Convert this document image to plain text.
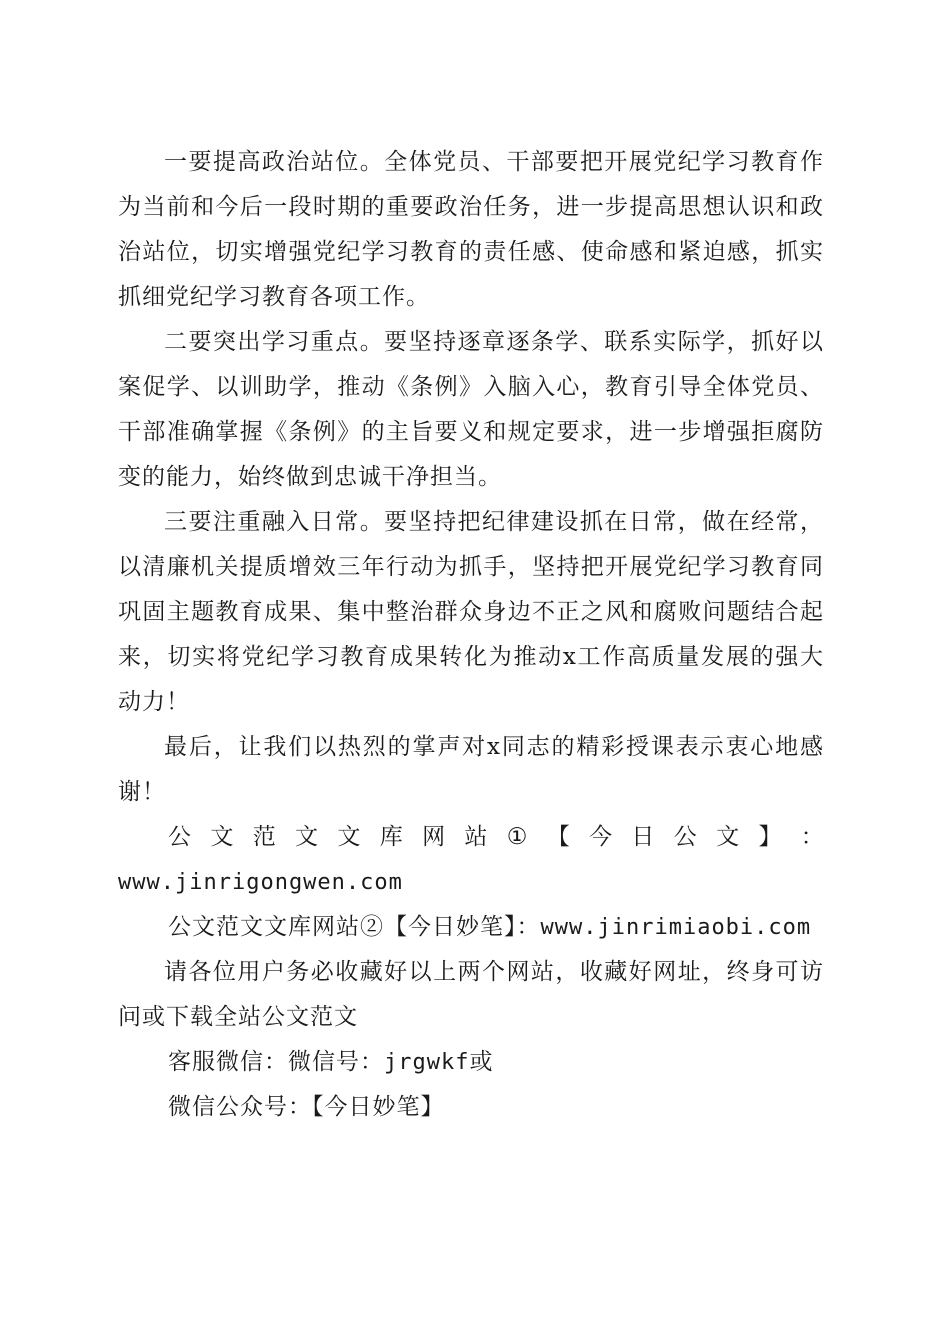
一要提高政治站位。全体党员、干部要把开展党纪学习教育作为当前和今后一段时期的重要政治任务，进一步提高思想认识和政治站位，切实增强党纪学习教育的责任感、使命感和紧迫感，抓实抓细党纪学习教育各项工作。

二要突出学习重点。要坚持逐章逐条学、联系实际学，抓好以案促学、以训助学，推动《条例》入脑入心，教育引导全体党员、干部准确掌握《条例》的主旨要义和规定要求，进一步增强拒腐防变的能力，始终做到忠诚干净担当。

三要注重融入日常。要坚持把纪律建设抓在日常，做在经常，以清廉机关提质增效三年行动为抓手，坚持把开展党纪学习教育同巩固主题教育成果、集中整治群众身边不正之风和腐败问题结合起来，切实将党纪学习教育成果转化为推动x工作高质量发展的强大动力！

最后，让我们以热烈的掌声对x同志的精彩授课表示衷心地感谢！

公 文 范 文 文 库 网 站 ① 【 今 日 公 文 】 ：

www.jinrigongwen.com

公文范文文库网站②【今日妙笔】：www.jinrimiaobi.com

请各位用户务必收藏好以上两个网站，收藏好网址，终身可访问或下载全站公文范文

客服微信：微信号：jrgwkf或

微信公众号：【今日妙笔】
